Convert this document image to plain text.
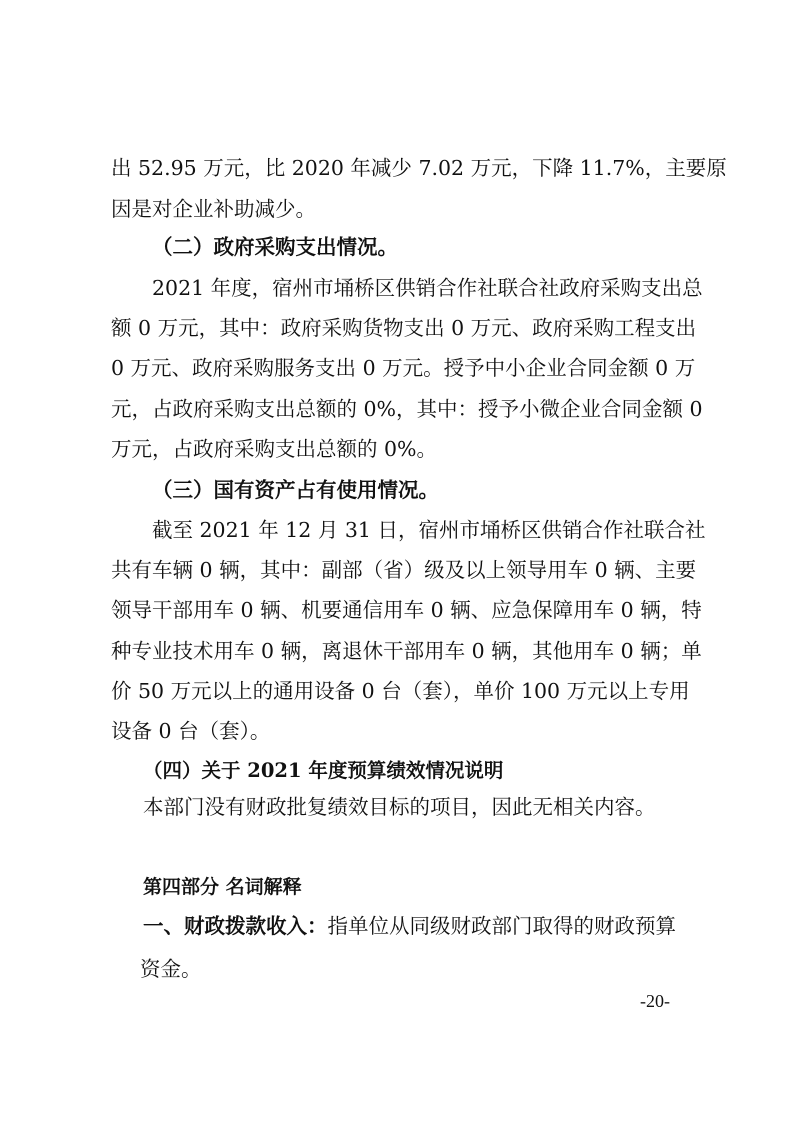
出 52.95 万元，比 2020 年减少 7.02 万元，下降 11.7%，主要原
因是对企业补助减少。
（二）政府采购支出情况。
2021 年度，宿州市埇桥区供销合作社联合社政府采购支出总
额 0 万元，其中：政府采购货物支出 0 万元、政府采购工程支出
0 万元、政府采购服务支出 0 万元。授予中小企业合同金额 0 万
元，占政府采购支出总额的 0%，其中：授予小微企业合同金额 0
万元，占政府采购支出总额的 0%。
（三）国有资产占有使用情况。
截至 2021 年 12 月 31 日，宿州市埇桥区供销合作社联合社
共有车辆 0 辆，其中：副部（省）级及以上领导用车 0 辆、主要
领导干部用车 0 辆、机要通信用车 0 辆、应急保障用车 0 辆，特
种专业技术用车 0 辆，离退休干部用车 0 辆，其他用车 0 辆；单
价 50 万元以上的通用设备 0 台（套），单价 100 万元以上专用
设备 0 台（套）。
（四）关于 2021 年度预算绩效情况说明
本部门没有财政批复绩效目标的项目，因此无相关内容。
第四部分 名词解释
一、财政拨款收入：指单位从同级财政部门取得的财政预算
资金。
-20-
